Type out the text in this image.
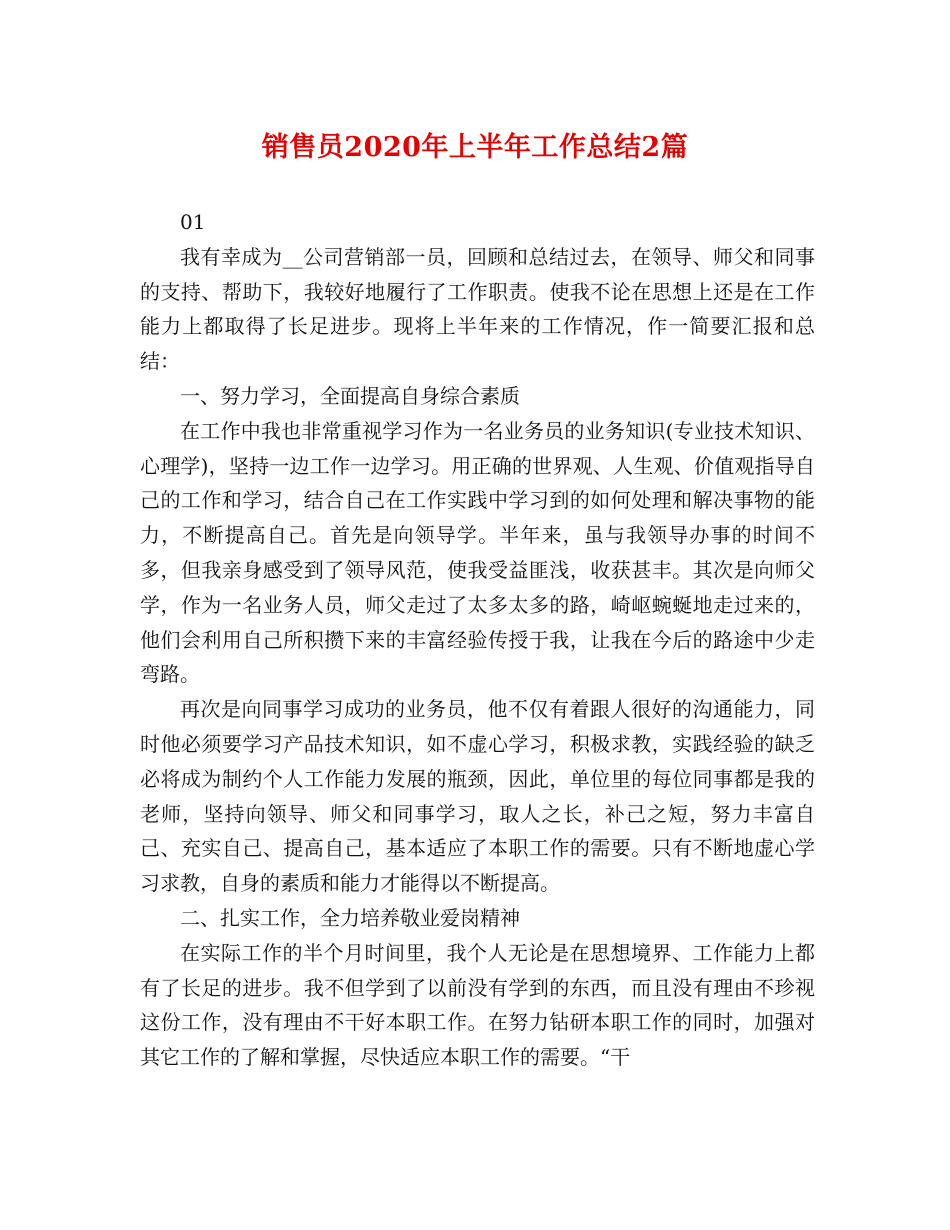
销售员2020年上半年工作总结2篇

01

我有幸成为__公司营销部一员，回顾和总结过去，在领导、师父和同事的支持、帮助下，我较好地履行了工作职责。使我不论在思想上还是在工作能力上都取得了长足进步。现将上半年来的工作情况，作一简要汇报和总结：

一、努力学习，全面提高自身综合素质

在工作中我也非常重视学习作为一名业务员的业务知识(专业技术知识、心理学)，坚持一边工作一边学习。用正确的世界观、人生观、价值观指导自己的工作和学习，结合自己在工作实践中学习到的如何处理和解决事物的能力，不断提高自己。首先是向领导学。半年来，虽与我领导办事的时间不多，但我亲身感受到了领导风范，使我受益匪浅，收获甚丰。其次是向师父学，作为一名业务人员，师父走过了太多太多的路，崎岖蜿蜒地走过来的，他们会利用自己所积攒下来的丰富经验传授于我，让我在今后的路途中少走弯路。

再次是向同事学习成功的业务员，他不仅有着跟人很好的沟通能力，同时他必须要学习产品技术知识，如不虚心学习，积极求教，实践经验的缺乏必将成为制约个人工作能力发展的瓶颈，因此，单位里的每位同事都是我的老师，坚持向领导、师父和同事学习，取人之长，补己之短，努力丰富自己、充实自己、提高自己，基本适应了本职工作的需要。只有不断地虚心学习求教，自身的素质和能力才能得以不断提高。

二、扎实工作，全力培养敬业爱岗精神

在实际工作的半个月时间里，我个人无论是在思想境界、工作能力上都有了长足的进步。我不但学到了以前没有学到的东西，而且没有理由不珍视这份工作，没有理由不干好本职工作。在努力钻研本职工作的同时，加强对其它工作的了解和掌握，尽快适应本职工作的需要。“干
